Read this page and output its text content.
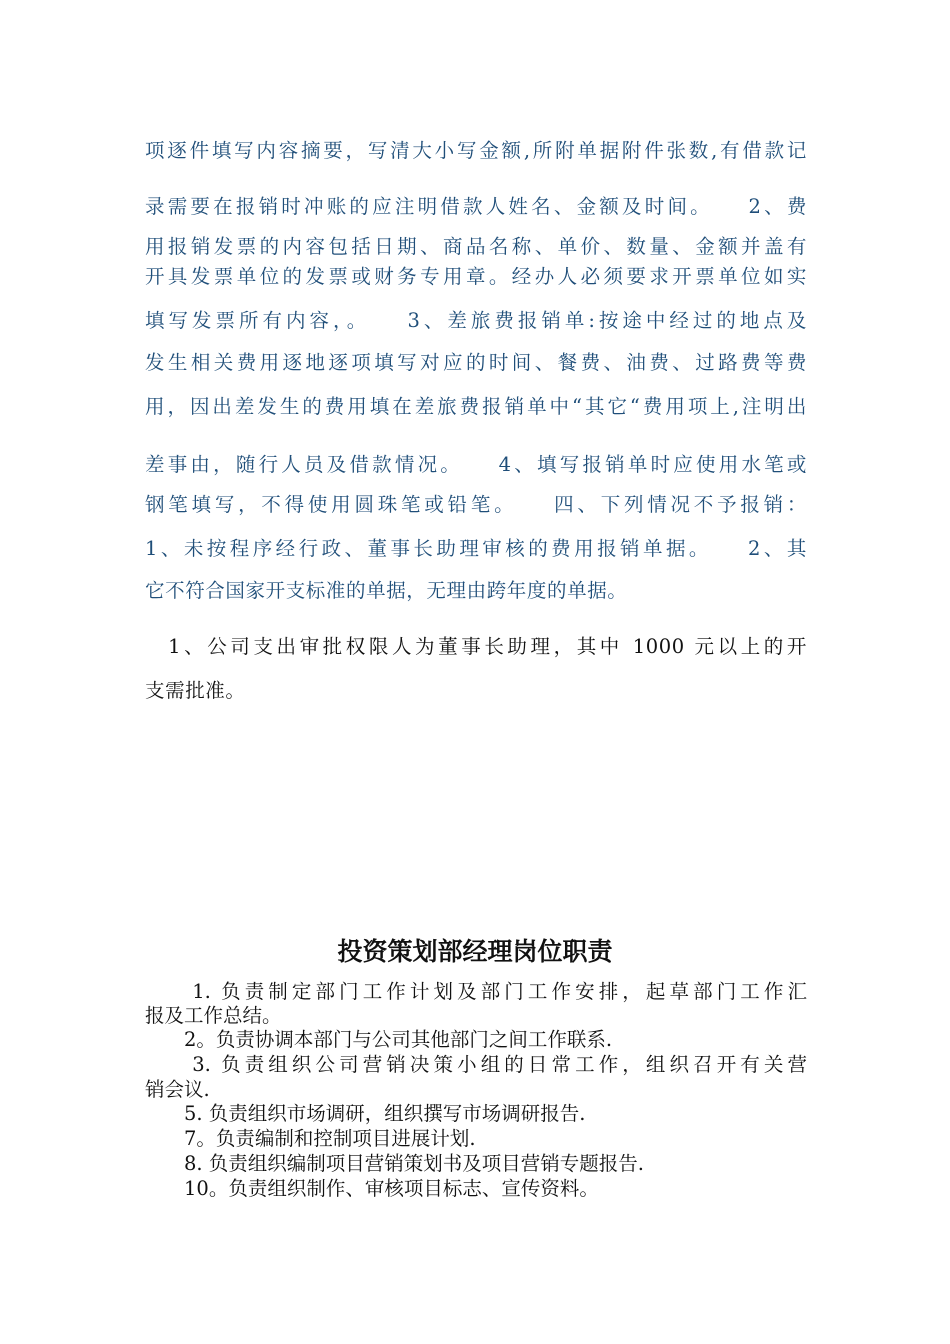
项逐件填写内容摘要，写清大小写金额,所附单据附件张数,有借款记
录需要在报销时冲账的应注明借款人姓名、金额及时间。　　2、费
用报销发票的内容包括日期、商品名称、单价、数量、金额并盖有
开具发票单位的发票或财务专用章。经办人必须要求开票单位如实
填写发票所有内容，。　　3、差旅费报销单:按途中经过的地点及
发生相关费用逐地逐项填写对应的时间、餐费、油费、过路费等费
用，因出差发生的费用填在差旅费报销单中“其它“费用项上,注明出
差事由，随行人员及借款情况。　　4、填写报销单时应使用水笔或
钢笔填写，不得使用圆珠笔或铅笔。　　四、下列情况不予报销：
1、未按程序经行政、董事长助理审核的费用报销单据。　　2、其
它不符合国家开支标准的单据，无理由跨年度的单据。
　1、公司支出审批权限人为董事长助理，其中 1000 元以上的开
支需批准。
投资策划部经理岗位职责
　　1. 负责制定部门工作计划及部门工作安排，起草部门工作汇
报及工作总结。
　　2。负责协调本部门与公司其他部门之间工作联系.
　　3. 负责组织公司营销决策小组的日常工作，组织召开有关营
销会议.
　　5. 负责组织市场调研，组织撰写市场调研报告.
　　7。负责编制和控制项目进展计划.
　　8. 负责组织编制项目营销策划书及项目营销专题报告.
　　10。负责组织制作、审核项目标志、宣传资料。
